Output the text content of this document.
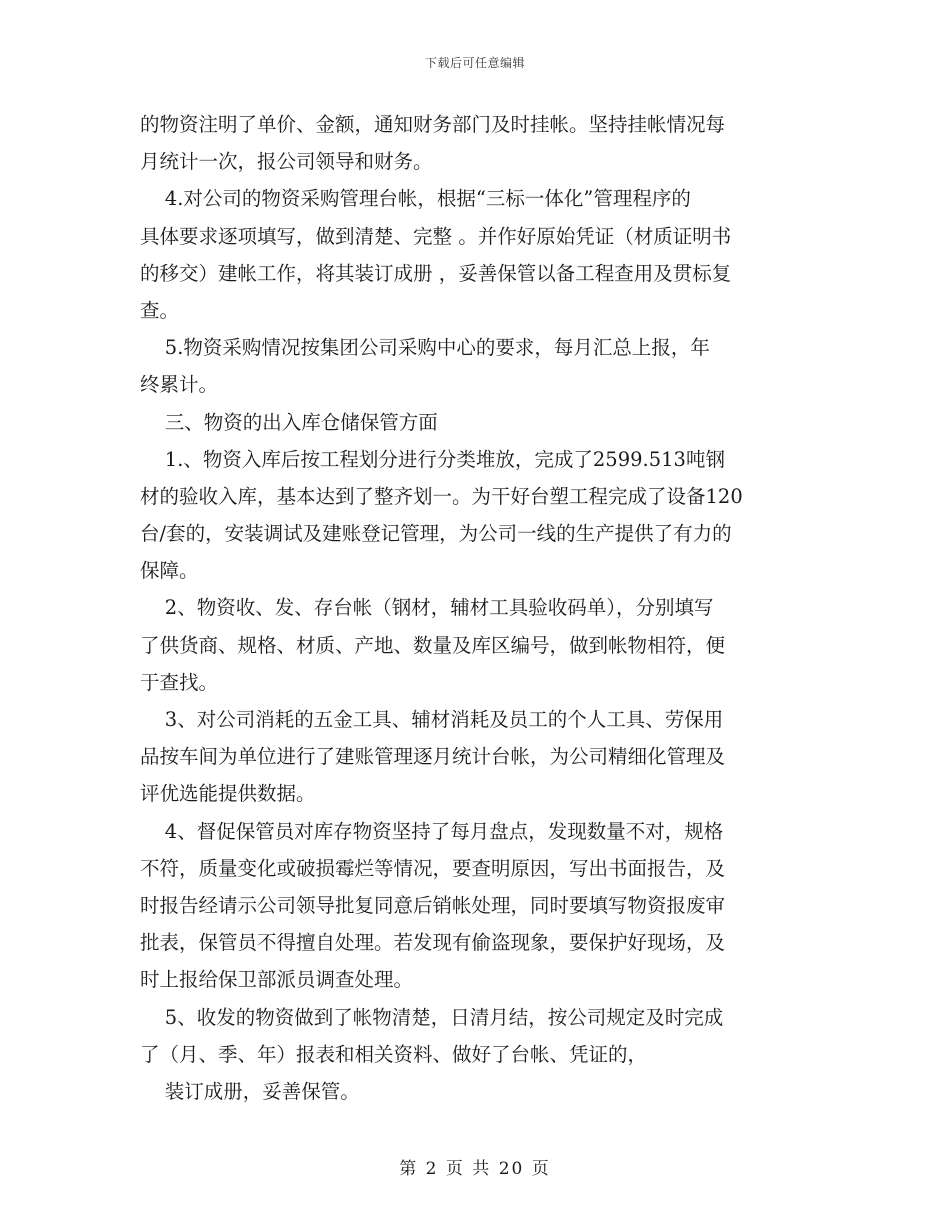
下载后可任意编辑
的物资注明了单价、金额，通知财务部门及时挂帐。坚持挂帐情况每
月统计一次，报公司领导和财务。
4.对公司的物资采购管理台帐，根据“三标一体化”管理程序的
具体要求逐项填写，做到清楚、完整 。并作好原始凭证（材质证明书
的移交）建帐工作，将其装订成册 ，妥善保管以备工程查用及贯标复
查。
5.物资采购情况按集团公司采购中心的要求，每月汇总上报，年
终累计。
三、物资的出入库仓储保管方面
1.、物资入库后按工程划分进行分类堆放，完成了2599.513吨钢
材的验收入库，基本达到了整齐划一。为干好台塑工程完成了设备120
台/套的，安装调试及建账登记管理，为公司一线的生产提供了有力的
保障。
2、物资收、发、存台帐（钢材，辅材工具验收码单），分别填写
了供货商、规格、材质、产地、数量及库区编号，做到帐物相符，便
于查找。
3、对公司消耗的五金工具、辅材消耗及员工的个人工具、劳保用
品按车间为单位进行了建账管理逐月统计台帐，为公司精细化管理及
评优选能提供数据。
4、督促保管员对库存物资坚持了每月盘点，发现数量不对，规格
不符，质量变化或破损霉烂等情况，要查明原因，写出书面报告，及
时报告经请示公司领导批复同意后销帐处理，同时要填写物资报废审
批表，保管员不得擅自处理。若发现有偷盗现象，要保护好现场，及
时上报给保卫部派员调查处理。
5、收发的物资做到了帐物清楚，日清月结，按公司规定及时完成
了（月、季、年）报表和相关资料、做好了台帐、凭证的，
装订成册，妥善保管。
第 2 页 共 20 页
